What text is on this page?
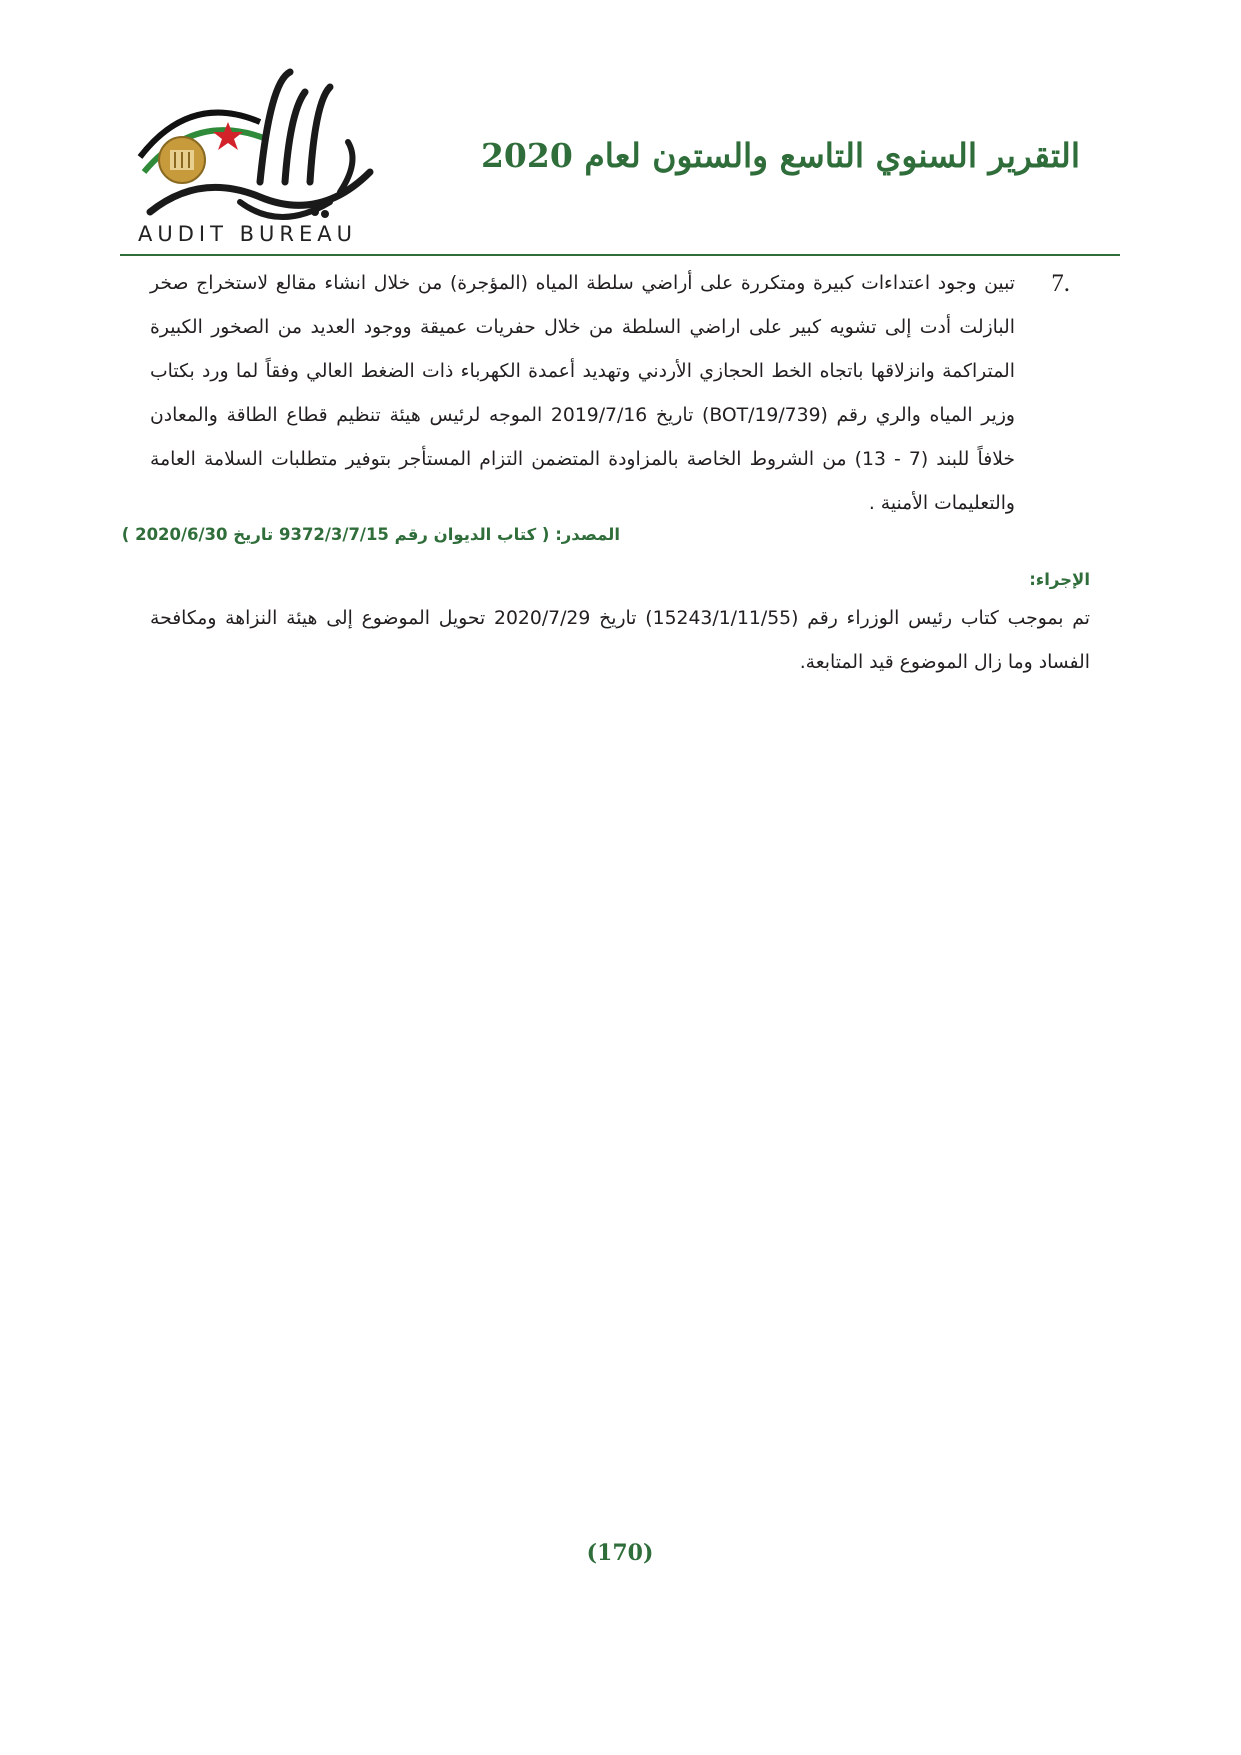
AUDIT BUREAU
التقرير السنوي التاسع والستون لعام 2020
.7
تبين وجود اعتداءات كبيرة ومتكررة على أراضي سلطة المياه (المؤجرة) من خلال انشاء مقالع لاستخراج صخر البازلت أدت إلى تشويه كبير على اراضي السلطة من خلال حفريات عميقة ووجود العديد من الصخور الكبيرة المتراكمة وانزلاقها باتجاه الخط الحجازي الأردني وتهديد أعمدة الكهرباء ذات الضغط العالي وفقاً لما ورد بكتاب وزير المياه والري رقم (BOT/19/739) تاريخ 2019/7/16 الموجه لرئيس هيئة تنظيم قطاع الطاقة والمعادن خلافاً للبند (7 - 13) من الشروط الخاصة بالمزاودة المتضمن التزام المستأجر بتوفير متطلبات السلامة العامة والتعليمات الأمنية .
المصدر: ( كتاب الديوان رقم 9372/3/7/15 تاريخ 2020/6/30 )
الإجراء:
تم بموجب كتاب رئيس الوزراء رقم (15243/1/11/55) تاريخ 2020/7/29 تحويل الموضوع إلى هيئة النزاهة ومكافحة الفساد وما زال الموضوع قيد المتابعة.
(170)
